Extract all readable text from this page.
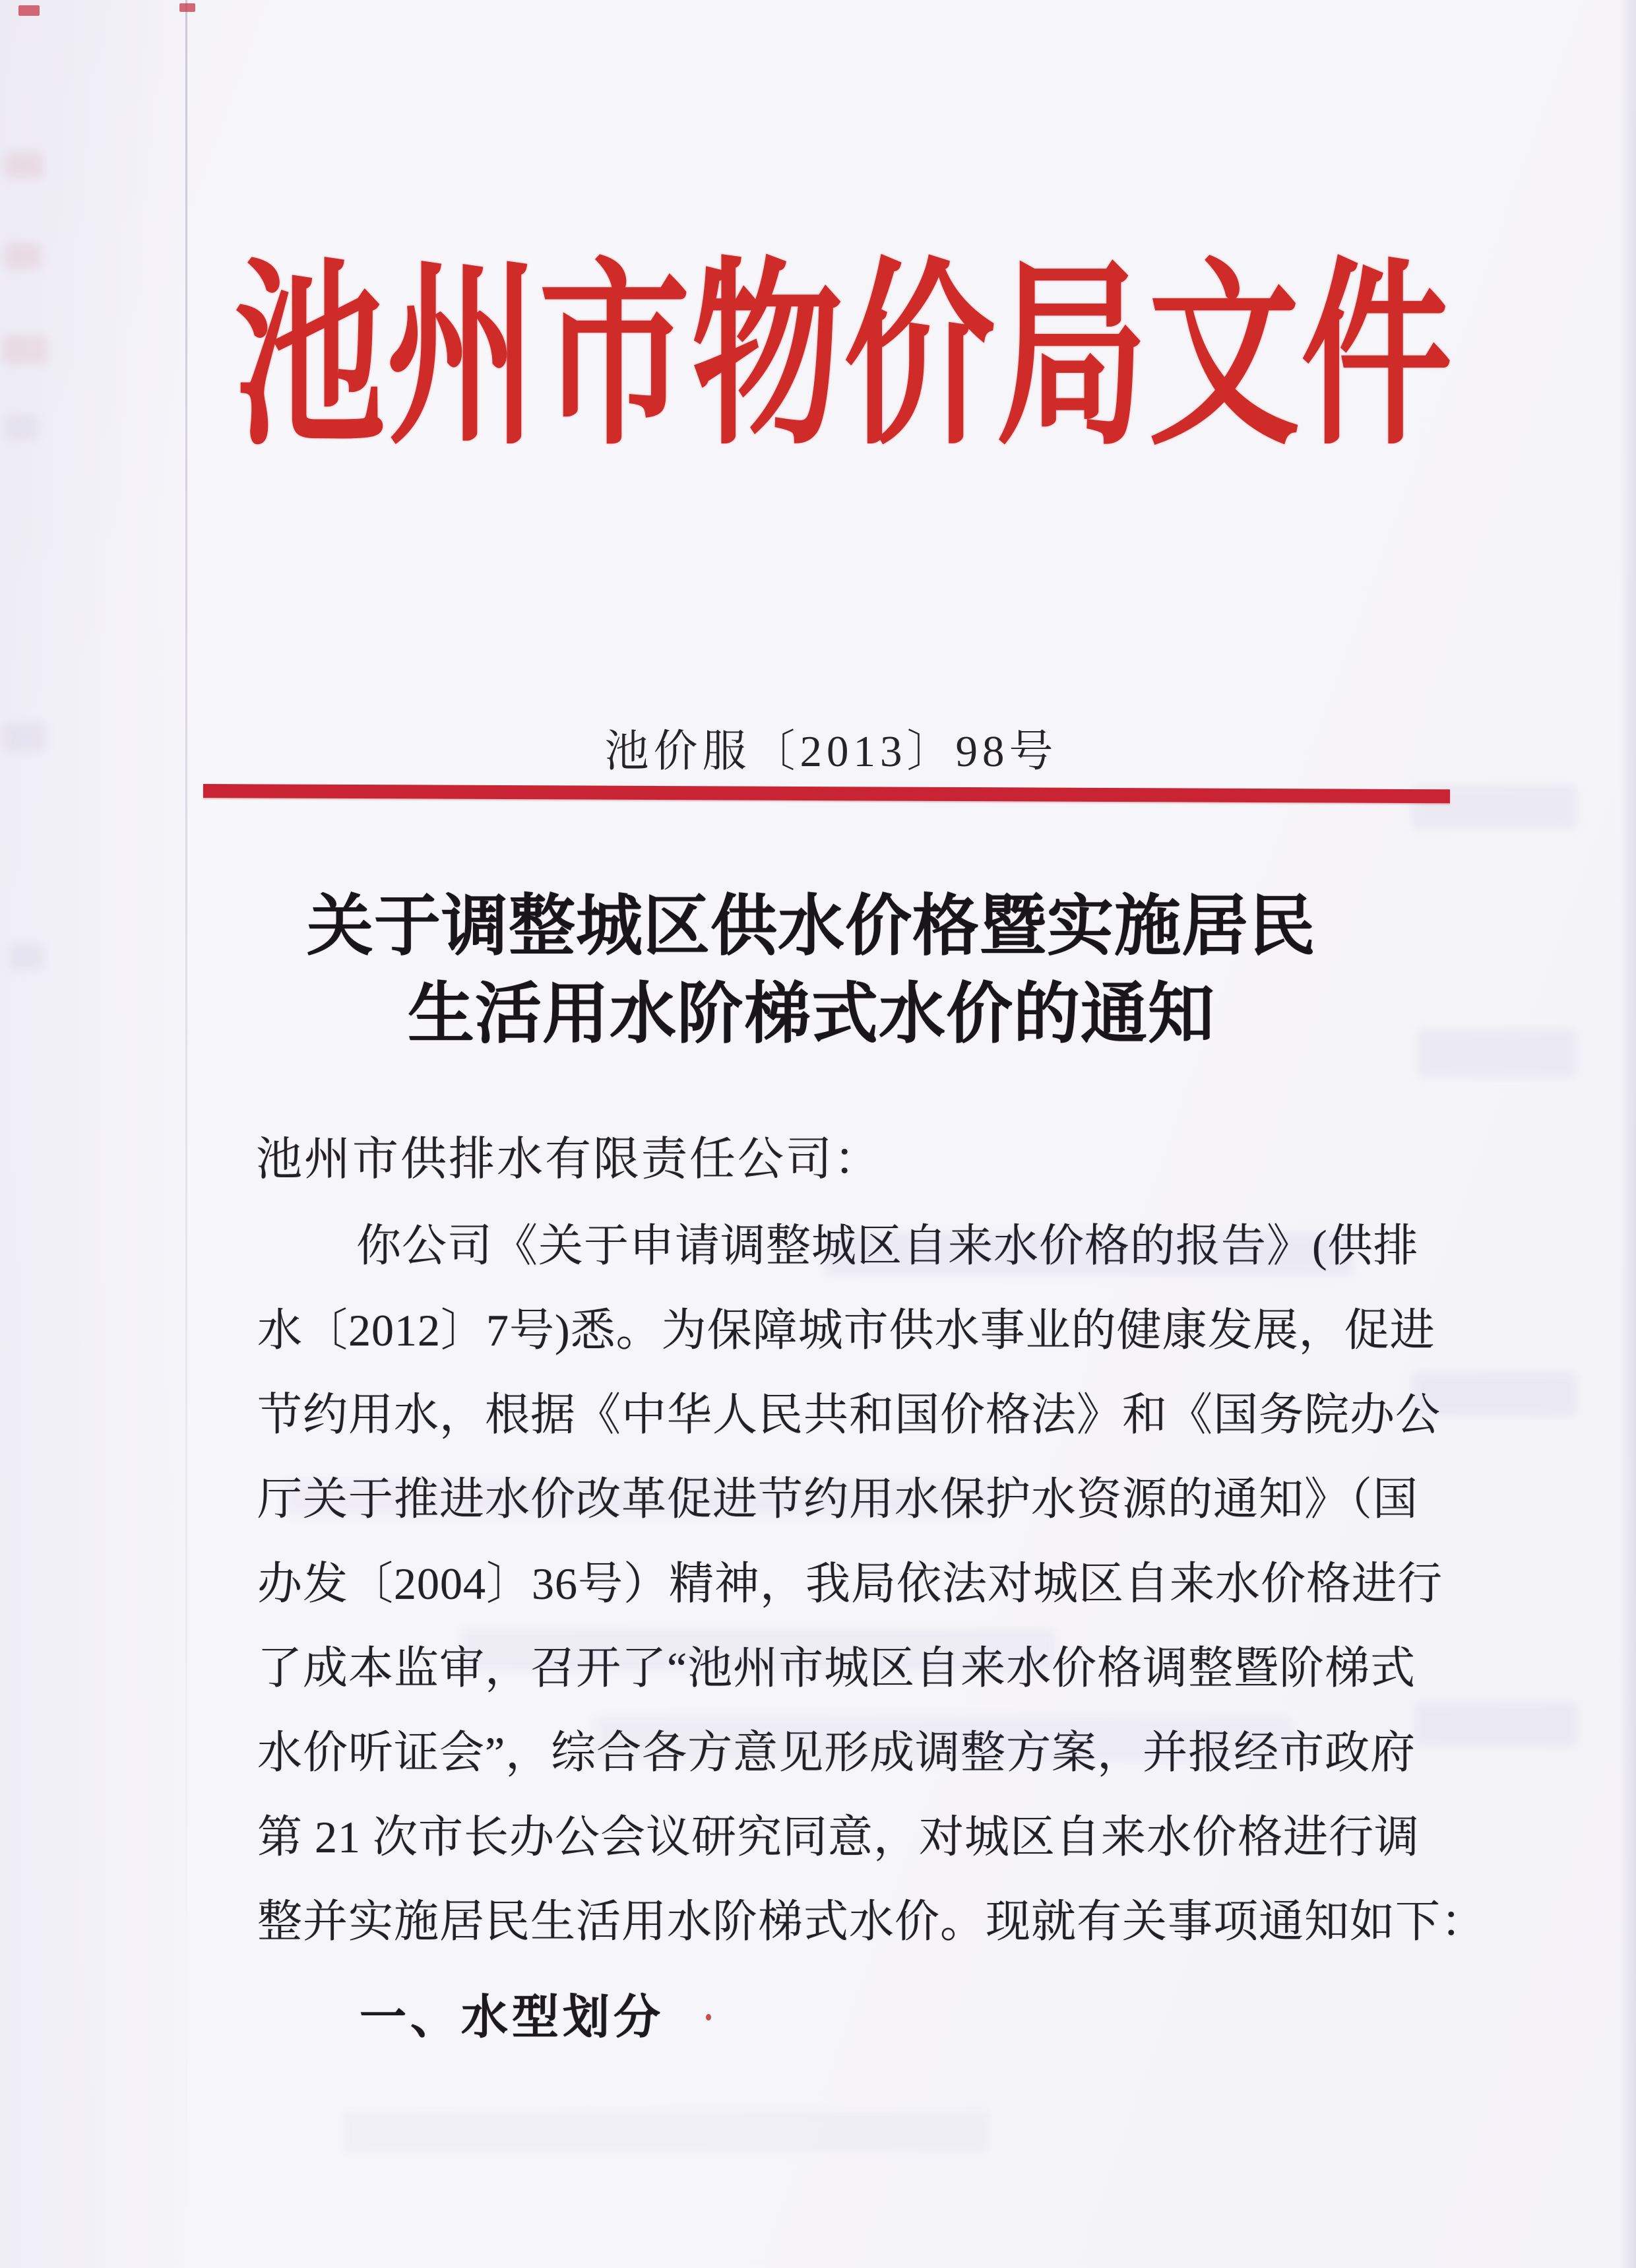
池州市物价局文件
池价服〔2013〕98号
关于调整城区供水价格暨实施居民
生活用水阶梯式水价的通知
池州市供排水有限责任公司：
你公司《关于申请调整城区自来水价格的报告》(供排
水〔2012〕7号)悉。为保障城市供水事业的健康发展，促进
节约用水，根据《中华人民共和国价格法》和《国务院办公
厅关于推进水价改革促进节约用水保护水资源的通知》（国
办发〔2004〕36号）精神，我局依法对城区自来水价格进行
了成本监审，召开了“池州市城区自来水价格调整暨阶梯式
水价听证会”，综合各方意见形成调整方案，并报经市政府
第 21 次市长办公会议研究同意，对城区自来水价格进行调
整并实施居民生活用水阶梯式水价。现就有关事项通知如下：
一、水型划分
